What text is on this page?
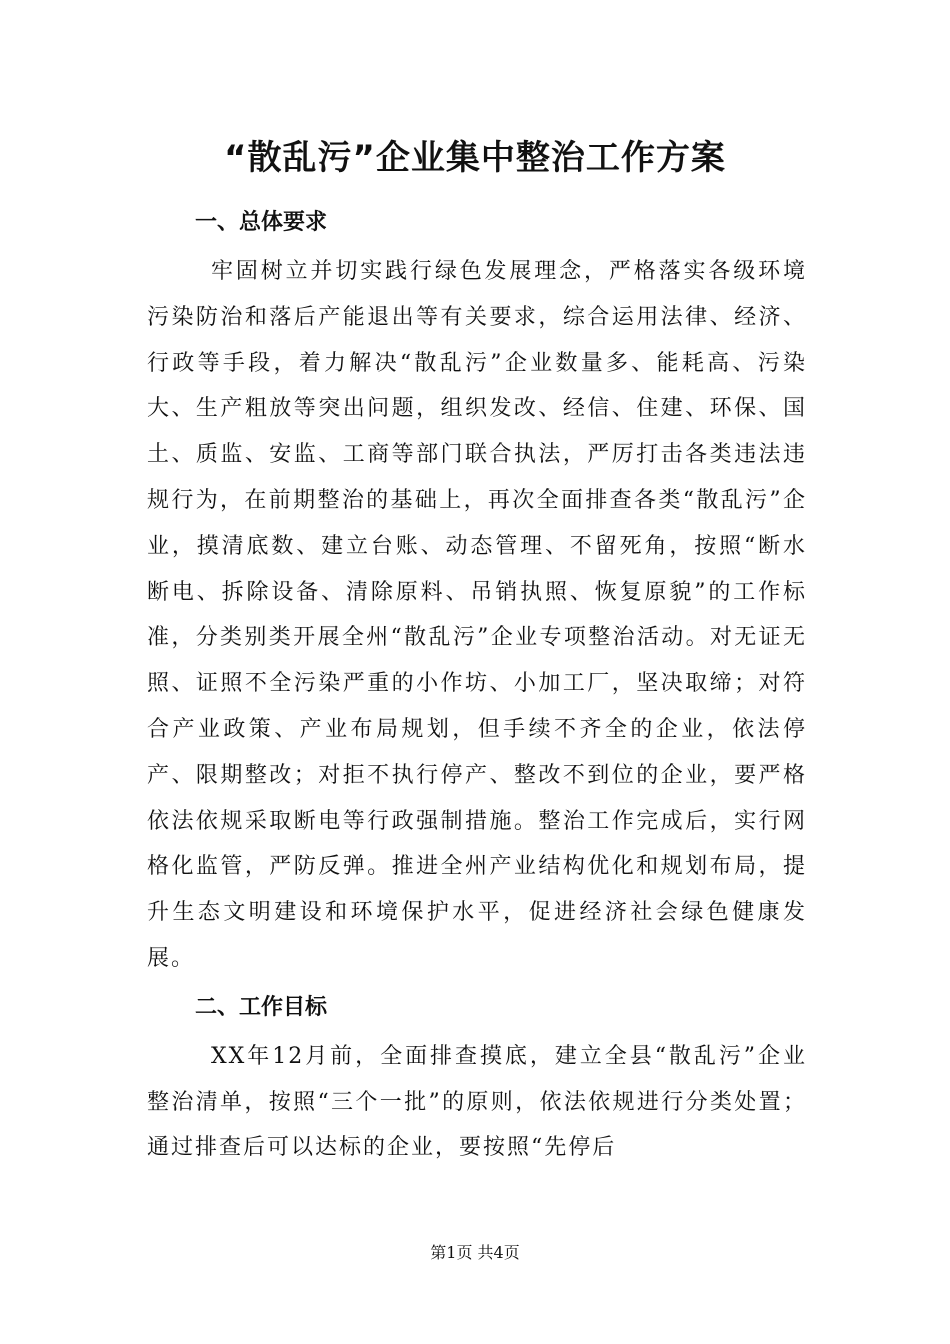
“散乱污”企业集中整治工作方案
一、总体要求

牢固树立并切实践行绿色发展理念，严格落实各级环境污染防治和落后产能退出等有关要求，综合运用法律、经济、行政等手段，着力解决“散乱污”企业数量多、能耗高、污染大、生产粗放等突出问题，组织发改、经信、住建、环保、国土、质监、安监、工商等部门联合执法，严厉打击各类违法违规行为，在前期整治的基础上，再次全面排查各类“散乱污”企业，摸清底数、建立台账、动态管理、不留死角，按照“断水断电、拆除设备、清除原料、吊销执照、恢复原貌”的工作标准，分类别类开展全州“散乱污”企业专项整治活动。对无证无照、证照不全污染严重的小作坊、小加工厂，坚决取缔；对符合产业政策、产业布局规划，但手续不齐全的企业，依法停产、限期整改；对拒不执行停产、整改不到位的企业，要严格依法依规采取断电等行政强制措施。整治工作完成后，实行网格化监管，严防反弹。推进全州产业结构优化和规划布局，提升生态文明建设和环境保护水平，促进经济社会绿色健康发展。

二、工作目标

XX年12月前，全面排查摸底，建立全县“散乱污”企业整治清单，按照“三个一批”的原则，依法依规进行分类处置；通过排查后可以达标的企业，要按照“先停后

第1页 共4页
